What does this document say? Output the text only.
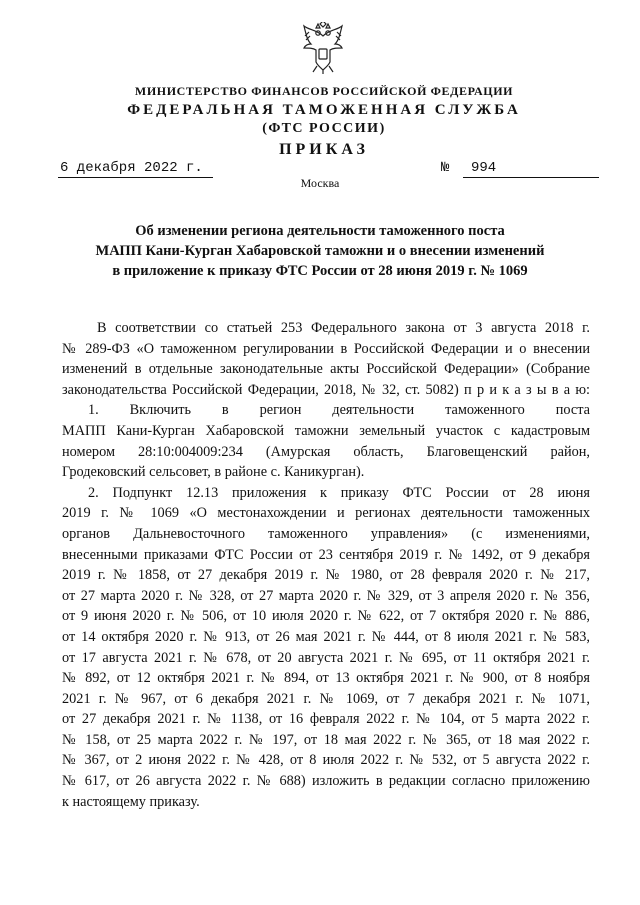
МИНИСТЕРСТВО ФИНАНСОВ РОССИЙСКОЙ ФЕДЕРАЦИИ
ФЕДЕРАЛЬНАЯ ТАМОЖЕННАЯ СЛУЖБА
(ФТС РОССИИ)
ПРИКАЗ
6 декабря 2022 г.	№	994
Москва
Об изменении региона деятельности таможенного поста
МАПП Кани-Курган Хабаровской таможни и о внесении изменений
в приложение к приказу ФТС России от 28 июня 2019 г. № 1069
В соответствии со статьей 253 Федерального закона от 3 августа 2018 г.
№ 289-ФЗ «О таможенном регулировании в Российской Федерации и о внесении
изменений в отдельные законодательные акты Российской Федерации» (Собрание
законодательства Российской Федерации, 2018, № 32, ст. 5082) п р и к а з ы в а ю:
1. Включить в регион деятельности таможенного поста
МАПП Кани-Курган Хабаровской таможни земельный участок с кадастровым
номером 28:10:004009:234 (Амурская область, Благовещенский район,
Гродековский сельсовет, в районе с. Каникурган).
2. Подпункт 12.13 приложения к приказу ФТС России от 28 июня
2019 г. № 1069 «О местонахождении и регионах деятельности таможенных
органов Дальневосточного таможенного управления» (с изменениями,
внесенными приказами ФТС России от 23 сентября 2019 г. № 1492, от 9 декабря
2019 г. № 1858, от 27 декабря 2019 г. № 1980, от 28 февраля 2020 г. № 217,
от 27 марта 2020 г. № 328, от 27 марта 2020 г. № 329, от 3 апреля 2020 г. № 356,
от 9 июня 2020 г. № 506, от 10 июля 2020 г. № 622, от 7 октября 2020 г. № 886,
от 14 октября 2020 г. № 913, от 26 мая 2021 г. № 444, от 8 июля 2021 г. № 583,
от 17 августа 2021 г. № 678, от 20 августа 2021 г. № 695, от 11 октября 2021 г.
№ 892, от 12 октября 2021 г. № 894, от 13 октября 2021 г. № 900, от 8 ноября
2021 г. № 967, от 6 декабря 2021 г. № 1069, от 7 декабря 2021 г. № 1071,
от 27 декабря 2021 г. № 1138, от 16 февраля 2022 г. № 104, от 5 марта 2022 г.
№ 158, от 25 марта 2022 г. № 197, от 18 мая 2022 г. № 365, от 18 мая 2022 г.
№ 367, от 2 июня 2022 г. № 428, от 8 июля 2022 г. № 532, от 5 августа 2022 г.
№ 617, от 26 августа 2022 г. № 688) изложить в редакции согласно приложению
к настоящему приказу.
